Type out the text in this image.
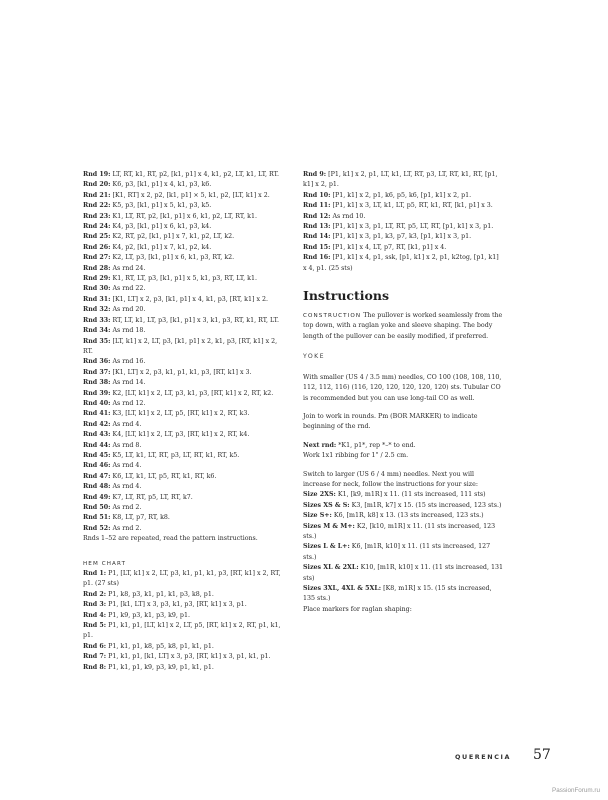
Rnd 19: LT, RT, k1, RT, p2, [k1, p1] x 4, k1, p2, LT, k1, LT, RT.
Rnd 20: K6, p3, [k1, p1] x 4, k1, p3, k6.
Rnd 21: [K1, RT] x 2, p2, [k1, p1] × 5, k1, p2, [LT, k1] x 2.
Rnd 22: K5, p3, [k1, p1] x 5, k1, p3, k5.
Rnd 23: K1, LT, RT, p2, [k1, p1] x 6, k1, p2, LT, RT, k1.
Rnd 24: K4, p3, [k1, p1] x 6, k1, p3, k4.
Rnd 25: K2, RT, p2, [k1, p1] x 7, k1, p2, LT, k2.
Rnd 26: K4, p2, [k1, p1] x 7, k1, p2, k4.
Rnd 27: K2, LT, p3, [k1, p1] x 6, k1, p3, RT, k2.
Rnd 28: As rnd 24.
Rnd 29: K1, RT, LT, p3, [k1, p1] x 5, k1, p3, RT, LT, k1.
Rnd 30: As rnd 22.
Rnd 31: [K1, LT] x 2, p3, [k1, p1] x 4, k1, p3, [RT, k1] x 2.
Rnd 32: As rnd 20.
Rnd 33: RT, LT, k1, LT, p3, [k1, p1] x 3, k1, p3, RT, k1, RT, LT.
Rnd 34: As rnd 18.
Rnd 35: [LT, k1] x 2, LT, p3, [k1, p1] x 2, k1, p3, [RT, k1] x 2, RT.
Rnd 36: As rnd 16.
Rnd 37: [K1, LT] x 2, p3, k1, p1, k1, p3, [RT, k1] x 3.
Rnd 38: As rnd 14.
Rnd 39: K2, [LT, k1] x 2, LT, p3, k1, p3, [RT, k1] x 2, RT, k2.
Rnd 40: As rnd 12.
Rnd 41: K3, [LT, k1] x 2, LT, p5, [RT, k1] x 2, RT, k3.
Rnd 42: As rnd 4.
Rnd 43: K4, [LT, k1] x 2, LT, p3, [RT, k1] x 2, RT, k4.
Rnd 44: As rnd 8.
Rnd 45: K5, LT, k1, LT, RT, p3, LT, RT, k1, RT, k5.
Rnd 46: As rnd 4.
Rnd 47: K6, LT, k1, LT, p5, RT, k1, RT, k6.
Rnd 48: As rnd 4.
Rnd 49: K7, LT, RT, p5, LT, RT, k7.
Rnd 50: As rnd 2.
Rnd 51: K8, LT, p7, RT, k8.
Rnd 52: As rnd 2.
Rnds 1–52 are repeated, read the pattern instructions.
HEM CHART
Rnd 1: P1, [LT, k1] x 2, LT, p3, k1, p1, k1, p3, [RT, k1] x 2, RT, p1. (27 sts)
Rnd 2: P1, k8, p3, k1, p1, k1, p3, k8, p1.
Rnd 3: P1, [k1, LT] x 3, p3, k1, p3, [RT, k1] x 3, p1.
Rnd 4: P1, k9, p3, k1, p3, k9, p1.
Rnd 5: P1, k1, p1, [LT, k1] x 2, LT, p5, [RT, k1] x 2, RT, p1, k1, p1.
Rnd 6: P1, k1, p1, k8, p5, k8, p1, k1, p1.
Rnd 7: P1, k1, p1, [k1, LT] x 3, p3, [RT, k1] x 3, p1, k1, p1.
Rnd 8: P1, k1, p1, k9, p3, k9, p1, k1, p1.
Rnd 9: [P1, k1] x 2, p1, LT, k1, LT, RT, p3, LT, RT, k1, RT, [p1, k1] x 2, p1.
Rnd 10: [P1, k1] x 2, p1, k6, p5, k6, [p1, k1] x 2, p1.
Rnd 11: [P1, k1] x 3, LT, k1, LT, p5, RT, k1, RT, [k1, p1] x 3.
Rnd 12: As rnd 10.
Rnd 13: [P1, k1] x 3, p1, LT, RT, p5, LT, RT, [p1, k1] x 3, p1.
Rnd 14: [P1, k1] x 3, p1, k3, p7, k3, [p1, k1] x 3, p1.
Rnd 15: [P1, k1] x 4, LT, p7, RT, [k1, p1] x 4.
Rnd 16: [P1, k1] x 4, p1, ssk, [p1, k1] x 2, p1, k2tog, [p1, k1] x 4, p1. (25 sts)
Instructions
CONSTRUCTION The pullover is worked seamlessly from the top down, with a raglan yoke and sleeve shaping. The body length of the pullover can be easily modified, if preferred.
YOKE
With smaller (US 4 / 3.5 mm) needles, CO 100 (108, 108, 110, 112, 112, 116) (116, 120, 120, 120, 120, 120) sts. Tubular CO is recommended but you can use long-tail CO as well.
Join to work in rounds. Pm (BOR MARKER) to indicate beginning of the rnd.
Next rnd: *K1, p1*, rep *–* to end.
Work 1x1 ribbing for 1" / 2.5 cm.
Switch to larger (US 6 / 4 mm) needles. Next you will increase for neck, follow the instructions for your size:
Size 2XS: K1, [k9, m1R] x 11. (11 sts increased, 111 sts)
Sizes XS & S: K3, [m1R, k7] x 15. (15 sts increased, 123 sts.)
Size S+: K6, [m1R, k8] x 13. (13 sts increased, 123 sts.)
Sizes M & M+: K2, [k10, m1R] x 11. (11 sts increased, 123 sts.)
Sizes L & L+: K6, [m1R, k10] x 11. (11 sts increased, 127 sts.)
Sizes XL & 2XL: K10, [m1R, k10] x 11. (11 sts increased, 131 sts)
Sizes 3XL, 4XL & 5XL: [K8, m1R] x 15. (15 sts increased, 135 sts.)
Place markers for raglan shaping:
QUERENCIA 57
PassionForum.ru
